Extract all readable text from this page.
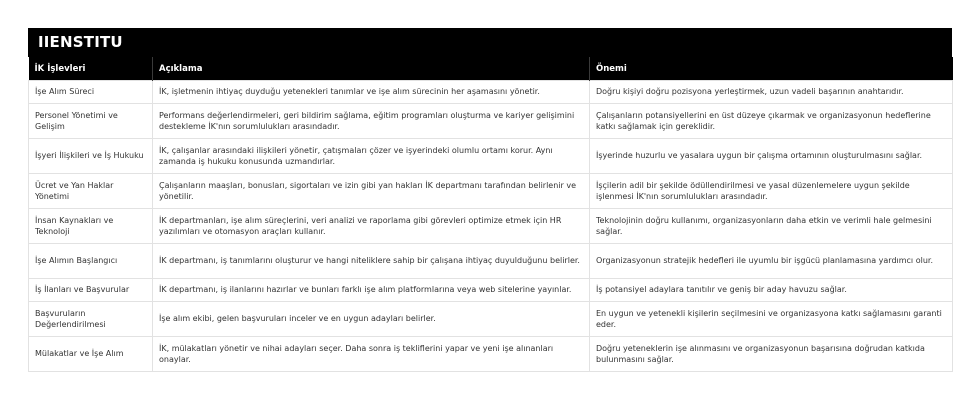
IIENSTITU
İK İşlevleri	Açıklama	Önemi
İşe Alım Süreci	İK, işletmenin ihtiyaç duyduğu yetenekleri tanımlar ve işe alım sürecinin her aşamasını yönetir.	Doğru kişiyi doğru pozisyona yerleştirmek, uzun vadeli başarının anahtarıdır.
Personel Yönetimi ve Gelişim	Performans değerlendirmeleri, geri bildirim sağlama, eğitim programları oluşturma ve kariyer gelişimini destekleme İK'nın sorumlulukları arasındadır.	Çalışanların potansiyellerini en üst düzeye çıkarmak ve organizasyonun hedeflerine katkı sağlamak için gereklidir.
İşyeri İlişkileri ve İş Hukuku	İK, çalışanlar arasındaki ilişkileri yönetir, çatışmaları çözer ve işyerindeki olumlu ortamı korur. Aynı zamanda iş hukuku konusunda uzmandırlar.	İşyerinde huzurlu ve yasalara uygun bir çalışma ortamının oluşturulmasını sağlar.
Ücret ve Yan Haklar Yönetimi	Çalışanların maaşları, bonusları, sigortaları ve izin gibi yan hakları İK departmanı tarafından belirlenir ve yönetilir.	İşçilerin adil bir şekilde ödüllendirilmesi ve yasal düzenlemelere uygun şekilde işlenmesi İK'nın sorumlulukları arasındadır.
İnsan Kaynakları ve Teknoloji	İK departmanları, işe alım süreçlerini, veri analizi ve raporlama gibi görevleri optimize etmek için HR yazılımları ve otomasyon araçları kullanır.	Teknolojinin doğru kullanımı, organizasyonların daha etkin ve verimli hale gelmesini sağlar.
İşe Alımın Başlangıcı	İK departmanı, iş tanımlarını oluşturur ve hangi niteliklere sahip bir çalışana ihtiyaç duyulduğunu belirler.	Organizasyonun stratejik hedefleri ile uyumlu bir işgücü planlamasına yardımcı olur.
İş İlanları ve Başvurular	İK departmanı, iş ilanlarını hazırlar ve bunları farklı işe alım platformlarına veya web sitelerine yayınlar.	İş potansiyel adaylara tanıtılır ve geniş bir aday havuzu sağlar.
Başvuruların Değerlendirilmesi	İşe alım ekibi, gelen başvuruları inceler ve en uygun adayları belirler.	En uygun ve yetenekli kişilerin seçilmesini ve organizasyona katkı sağlamasını garanti eder.
Mülakatlar ve İşe Alım	İK, mülakatları yönetir ve nihai adayları seçer. Daha sonra iş tekliflerini yapar ve yeni işe alınanları onaylar.	Doğru yeteneklerin işe alınmasını ve organizasyonun başarısına doğrudan katkıda bulunmasını sağlar.
